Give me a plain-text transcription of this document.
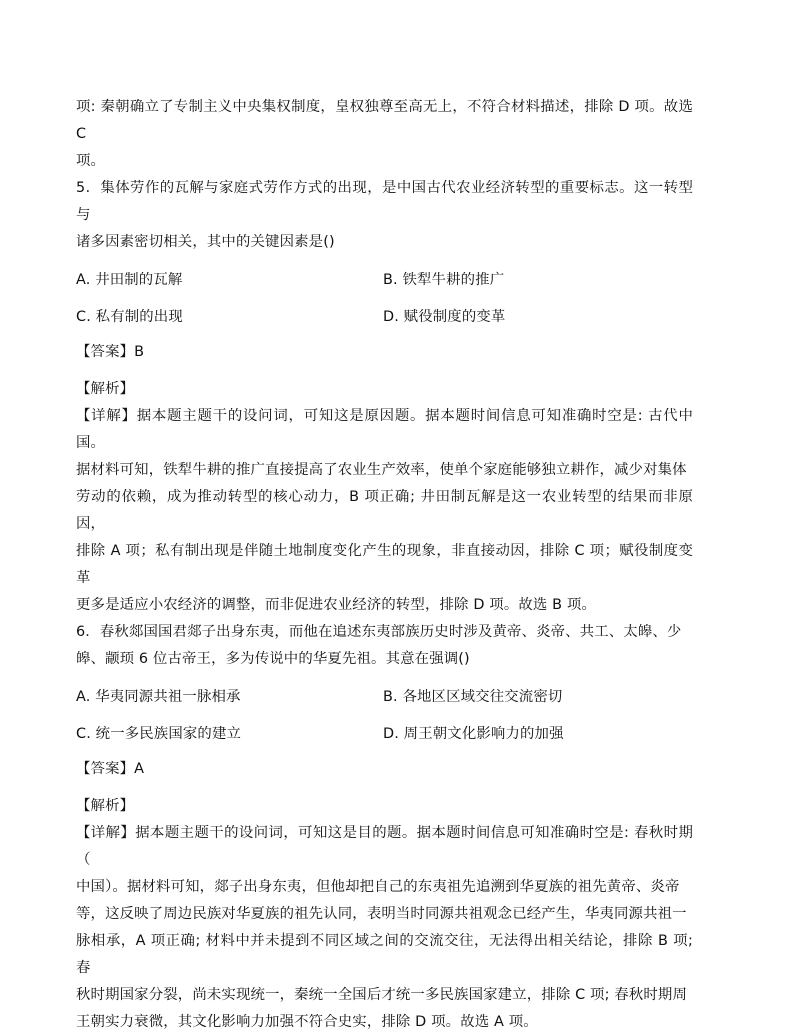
项: 秦朝确立了专制主义中央集权制度，皇权独尊至高无上，不符合材料描述，排除 D 项。故选 C

项。

5．集体劳作的瓦解与家庭式劳作方式的出现，是中国古代农业经济转型的重要标志。这一转型与

诸多因素密切相关，其中的关键因素是()

A. 井田制的瓦解	B. 铁犁牛耕的推广
C. 私有制的出现	D. 赋役制度的变革

【答案】B

【解析】

【详解】据本题主题干的设问词，可知这是原因题。据本题时间信息可知准确时空是: 古代中国。

据材料可知，铁犁牛耕的推广直接提高了农业生产效率，使单个家庭能够独立耕作，减少对集体

劳动的依赖，成为推动转型的核心动力，B 项正确; 井田制瓦解是这一农业转型的结果而非原因，

排除 A 项；私有制出现是伴随土地制度变化产生的现象，非直接动因，排除 C 项；赋役制度变革

更多是适应小农经济的调整，而非促进农业经济的转型，排除 D 项。故选 B 项。

6．春秋郯国国君郯子出身东夷，而他在追述东夷部族历史时涉及黄帝、炎帝、共工、太皞、少

皞、颛顼 6 位古帝王，多为传说中的华夏先祖。其意在强调()

A. 华夷同源共祖一脉相承	B. 各地区区域交往交流密切
C. 统一多民族国家的建立	D. 周王朝文化影响力的加强

【答案】A

【解析】

【详解】据本题主题干的设问词，可知这是目的题。据本题时间信息可知准确时空是: 春秋时期（

中国）。据材料可知，郯子出身东夷，但他却把自己的东夷祖先追溯到华夏族的祖先黄帝、炎帝

等，这反映了周边民族对华夏族的祖先认同，表明当时同源共祖观念已经产生，华夷同源共祖一

脉相承，A 项正确; 材料中并未提到不同区域之间的交流交往，无法得出相关结论，排除 B 项; 春

秋时期国家分裂，尚未实现统一，秦统一全国后才统一多民族国家建立，排除 C 项; 春秋时期周

王朝实力衰微，其文化影响力加强不符合史实，排除 D 项。故选 A 项。
